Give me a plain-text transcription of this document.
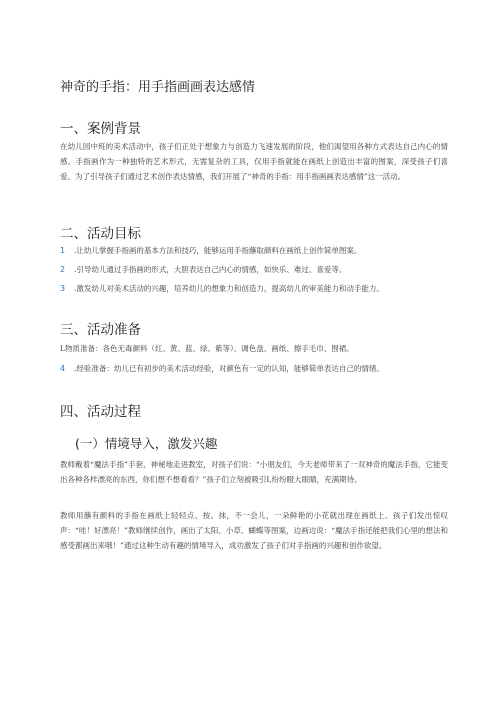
神奇的手指：用手指画画表达感情
一、案例背景

在幼儿园中班的美术活动中，孩子们正处于想象力与创造力飞速发展的阶段，他们渴望用各种方式表达自己内心的情感。手指画作为一种独特的艺术形式，无需复杂的工具，仅用手指就能在画纸上创造出丰富的图案，深受孩子们喜爱。为了引导孩子们通过艺术创作表达情感，我们开展了“神奇的手指：用手指画画表达感情”这一活动。

二、活动目标
1 .让幼儿掌握手指画的基本方法和技巧，能够运用手指蘸取颜料在画纸上创作简单图案。
2 .引导幼儿通过手指画的形式，大胆表达自己内心的情感，如快乐、难过、喜爱等。
3 .激发幼儿对美术活动的兴趣，培养幼儿的想象力和创造力，提高幼儿的审美能力和动手能力。
三、活动准备
L物质准备：各色无毒颜料（红、黄、蓝、绿、紫等）、调色盘、画纸、擦手毛巾、围裙。
4 .经验准备：幼儿已有初步的美术活动经验，对颜色有一定的认知，能够简单表达自己的情绪。
四、活动过程
(一）情境导入，激发兴趣

教师戴着“魔法手指”手套，神秘地走进教室，对孩子们说：“小朋友们，今天老师带来了一双神奇的魔法手指，它能变出各种各样漂亮的东西，你们想不想看看？”孩子们立刻被吸引I,纷纷瞪大眼睛，充满期待。

教师用蘸有颜料的手指在画纸上轻轻点、按、抹，不一会儿，一朵鲜艳的小花就出现在画纸上。孩子们发出惊叹声：“哇！好漂亮！”教师继续创作，画出了太阳、小草、蝴蝶等图案，边画边说：“魔法手指还能把我们心里的想法和感受都画出来哦！”通过这种生动有趣的情境导入，成功激发了孩子们对手指画的兴趣和创作欲望。
